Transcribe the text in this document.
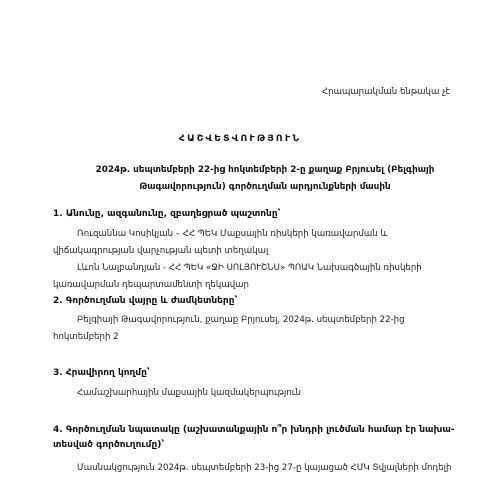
Հրապարակման ենթակա չէ
ՀԱՇՎԵՏՎՈՒԹՅՈՒՆ
2024թ. սեպտեմբերի 22-ից հոկտեմբերի 2-ը քաղաք Բրյուսել (Բելգիայի
Թագավորություն) գործուղման արդյունքների մասին
1. Անունը, ազգանունը, զբաղեցրած պաշտոնը՝
Ռուզաննա Կոսիկյան – ՀՀ ՊԵԿ Մաքսային ռիսկերի կառավարման և
վիճակագրության վարչության պետի տեղակալ
Լևոն Նալբանդյան - ՀՀ ՊԵԿ «ՋԻ ՍՈԼՅՈՒՇՆՍ» ՊՈԱԿ Նախագծային ռիսկերի
կառավարման դեպարտամենտի ղեկավար
2. Գործուղման վայրը և ժամկետները՝
Բելգիայի Թագավորություն, քաղաք Բրյուսել, 2024թ. սեպտեմբերի 22-ից
հոկտեմբերի 2
3. Հրավիրող կողմը՝
Համաշխարհային մաքսային կազմակերպություն
4. Գործուղման նպատակը (աշխատանքային ո՞ր խնդրի լուծման համար էր նախա-
տեսված գործուղումը)՝
Մասնակցություն 2024թ. սեպտեմբերի 23-ից 27-ը կայացած ՀՄԿ Տվյալների մոդելի
